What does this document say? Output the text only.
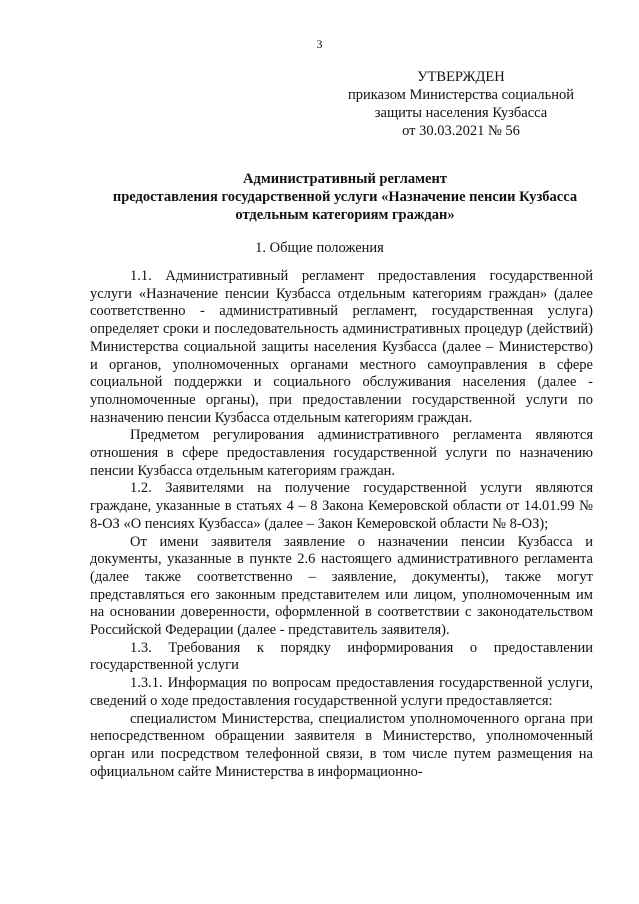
3
УТВЕРЖДЕН
приказом Министерства социальной
защиты населения Кузбасса
от 30.03.2021 № 56
Административный регламент
предоставления государственной услуги «Назначение пенсии Кузбасса
отдельным категориям граждан»
1. Общие положения

1.1. Административный регламент предоставления государственной услуги «Назначение пенсии Кузбасса отдельным категориям граждан» (далее соответственно - административный регламент, государственная услуга) определяет сроки и последовательность административных процедур (действий) Министерства социальной защиты населения Кузбасса (далее – Министерство) и органов, уполномоченных органами местного самоуправления в сфере социальной поддержки и социального обслуживания населения (далее - уполномоченные органы), при предоставлении государственной услуги по назначению пенсии Кузбасса отдельным категориям граждан.

Предметом регулирования административного регламента являются отношения в сфере предоставления государственной услуги по назначению пенсии Кузбасса отдельным категориям граждан.

1.2. Заявителями на получение государственной услуги являются граждане, указанные в статьях 4 – 8 Закона Кемеровской области от 14.01.99 № 8-ОЗ «О пенсиях Кузбасса» (далее – Закон Кемеровской области № 8-ОЗ);

От имени заявителя заявление о назначении пенсии Кузбасса и документы, указанные в пункте 2.6 настоящего административного регламента (далее также соответственно – заявление, документы), также могут представляться его законным представителем или лицом, уполномоченным им на основании доверенности, оформленной в соответствии с законодательством Российской Федерации (далее - представитель заявителя).

1.3. Требования к порядку информирования о предоставлении государственной услуги

1.3.1. Информация по вопросам предоставления государственной услуги, сведений о ходе предоставления государственной услуги предоставляется:

специалистом Министерства, специалистом уполномоченного органа при непосредственном обращении заявителя в Министерство, уполномоченный орган или посредством телефонной связи, в том числе путем размещения на официальном сайте Министерства в информационно-
